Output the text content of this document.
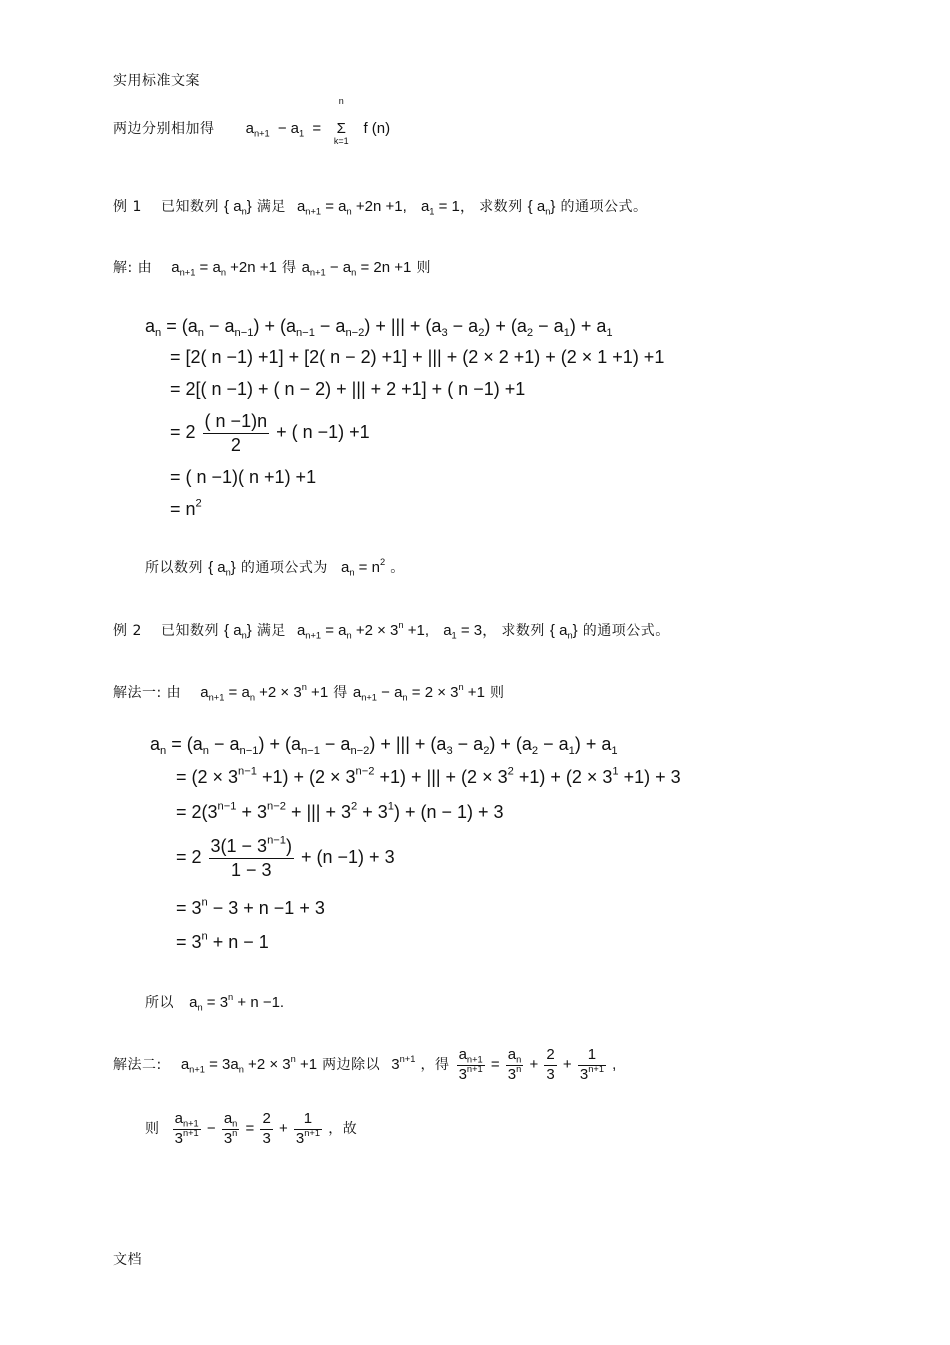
实用标准文案
两边分别相加得 $a_{n+1} - a_1$ =
n
Σ
k=1
f (n)
例 1 已知数列 { $a_n$} 满足 $a_{n+1} = a_n +2n +1$, $a_1 = 1$， 求数列 { $a_n$} 的通项公式。
解: 由 $a_{n+1} = a_n +2n +1$ 得 $a_{n+1} - a_n = 2n +1$ 则
$a_n = (a_n - a_{n-1}) + (a_{n-1} - a_{n-2})$ + ||| + $(a_3 - a_2) + (a_2 - a_1) + a_1$
= [2( n −1) +1] + [2( n − 2) +1] + ||| + (2 × 2 +1) + (2 × 1 +1) +1
= 2[( n −1) + ( n − 2) + ||| + 2 +1] + ( n −1) +1
= $2 \frac{( n -1)n}{2}$ + ( n −1) +1
= ( n −1)( n +1) +1
= $n^2$
所以数列 { $a_n$} 的通项公式为 $a_n = n^2$ 。
例 2 已知数列 { $a_n$} 满足 $a_{n+1} = a_n +2 \times 3^n +1$, $a_1 = 3$， 求数列 { $a_n$} 的通项公式。
解法一: 由 $a_{n+1} = a_n +2 \times 3^n +1$ 得 $a_{n+1} - a_n = 2 \times 3^n +1$ 则
$a_n = (a_n - a_{n-1}) + (a_{n-1} - a_{n-2})$ + ||| + $(a_3 - a_2) + (a_2 - a_1) + a_1$
= $(2 \times 3^{n-1} +1) + (2 \times 3^{n-2} +1)$ + ||| + $(2 \times 3^2 +1) + (2 \times 3^1 +1) + 3$
= $2(3^{n-1} + 3^{n-2}$ + ||| + $3^2 + 3^1) + (n - 1) + 3$
= $2 \frac{3(1 - 3^{n-1})}{1 - 3} + (n -1) + 3$
= $3^n - 3 + n -1 + 3$
= $3^n + n - 1$
所以 $a_n = 3^n + n -1$.
解法二: $a_{n+1} = 3a_n +2 \times 3^n +1$ 两边除以 $3^{n+1}$ ，得 $\frac{a_{n+1}}{3^{n+1}} = \frac{a_n}{3^n} + \frac{2}{3} + \frac{1}{3^{n+1}}$ ,
则 $\frac{a_{n+1}}{3^{n+1}} - \frac{a_n}{3^n} = \frac{2}{3} + \frac{1}{3^{n+1}}$ ，故
文档
